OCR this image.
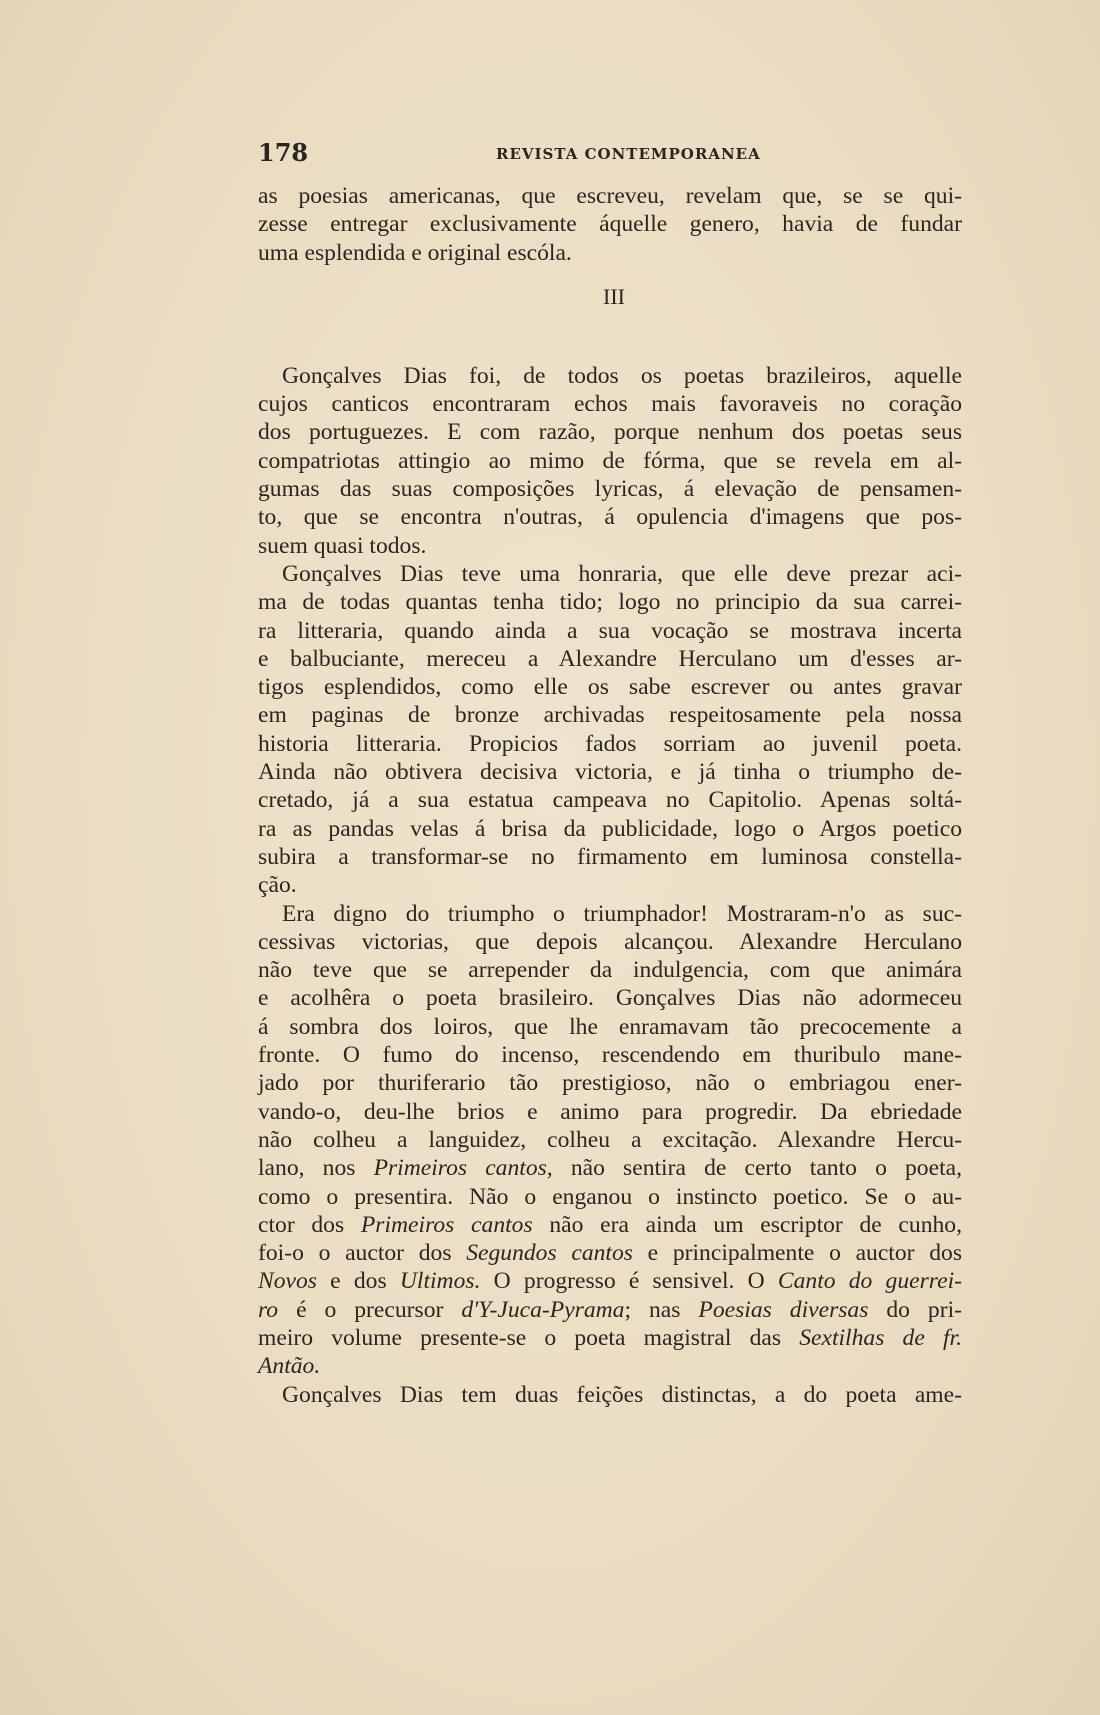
178	REVISTA CONTEMPORANEA
as poesias americanas, que escreveu, revelam que, se se qui-
zesse entregar exclusivamente áquelle genero, havia de fundar
uma esplendida e original escóla.
III
Gonçalves Dias foi, de todos os poetas brazileiros, aquelle
cujos canticos encontraram echos mais favoraveis no coração
dos portuguezes. E com razão, porque nenhum dos poetas seus
compatriotas attingio ao mimo de fórma, que se revela em al-
gumas das suas composições lyricas, á elevação de pensamen-
to, que se encontra n'outras, á opulencia d'imagens que pos-
suem quasi todos.
Gonçalves Dias teve uma honraria, que elle deve prezar aci-
ma de todas quantas tenha tido; logo no principio da sua carrei-
ra litteraria, quando ainda a sua vocação se mostrava incerta
e balbuciante, mereceu a Alexandre Herculano um d'esses ar-
tigos esplendidos, como elle os sabe escrever ou antes gravar
em paginas de bronze archivadas respeitosamente pela nossa
historia litteraria. Propicios fados sorriam ao juvenil poeta.
Ainda não obtivera decisiva victoria, e já tinha o triumpho de-
cretado, já a sua estatua campeava no Capitolio. Apenas soltá-
ra as pandas velas á brisa da publicidade, logo o Argos poetico
subira a transformar-se no firmamento em luminosa constella-
ção.
Era digno do triumpho o triumphador! Mostraram-n'o as suc-
cessivas victorias, que depois alcançou. Alexandre Herculano
não teve que se arrepender da indulgencia, com que animára
e acolhêra o poeta brasileiro. Gonçalves Dias não adormeceu
á sombra dos loiros, que lhe enramavam tão precocemente a
fronte. O fumo do incenso, rescendendo em thuribulo mane-
jado por thuriferario tão prestigioso, não o embriagou ener-
vando-o, deu-lhe brios e animo para progredir. Da ebriedade
não colheu a languidez, colheu a excitação. Alexandre Hercu-
lano, nos Primeiros cantos, não sentira de certo tanto o poeta,
como o presentira. Não o enganou o instincto poetico. Se o au-
ctor dos Primeiros cantos não era ainda um escriptor de cunho,
foi-o o auctor dos Segundos cantos e principalmente o auctor dos
Novos e dos Ultimos. O progresso é sensivel. O Canto do guerrei-
ro é o precursor d'Y-Juca-Pyrama; nas Poesias diversas do pri-
meiro volume presente-se o poeta magistral das Sextilhas de fr.
Antão.
Gonçalves Dias tem duas feições distinctas, a do poeta ame-
